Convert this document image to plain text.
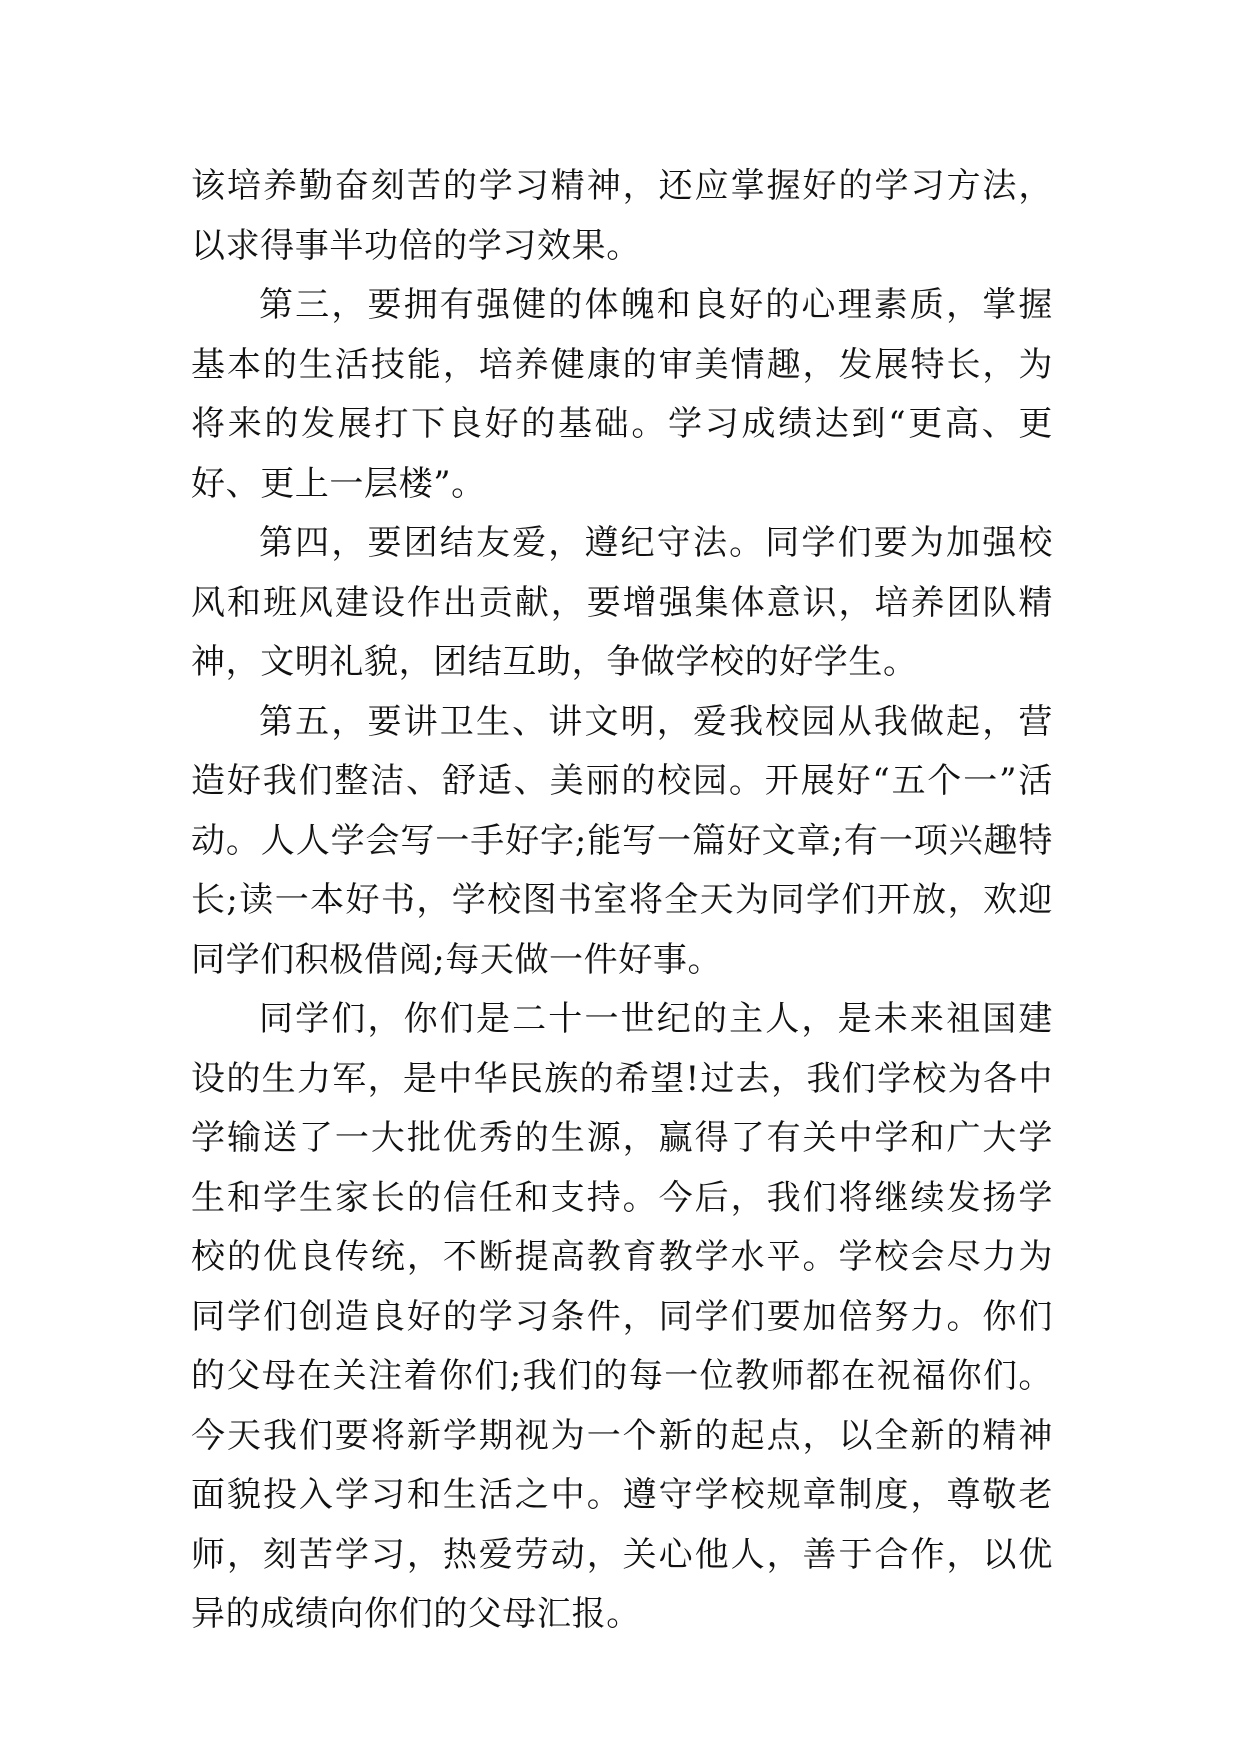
该培养勤奋刻苦的学习精神，还应掌握好的学习方法，以求得事半功倍的学习效果。

第三，要拥有强健的体魄和良好的心理素质，掌握基本的生活技能，培养健康的审美情趣，发展特长，为将来的发展打下良好的基础。学习成绩达到“更高、更好、更上一层楼”。

第四，要团结友爱，遵纪守法。同学们要为加强校风和班风建设作出贡献，要增强集体意识，培养团队精神，文明礼貌，团结互助，争做学校的好学生。

第五，要讲卫生、讲文明，爱我校园从我做起，营造好我们整洁、舒适、美丽的校园。开展好“五个一”活动。人人学会写一手好字;能写一篇好文章;有一项兴趣特长;读一本好书，学校图书室将全天为同学们开放，欢迎同学们积极借阅;每天做一件好事。

同学们，你们是二十一世纪的主人，是未来祖国建设的生力军，是中华民族的希望!过去，我们学校为各中学输送了一大批优秀的生源，赢得了有关中学和广大学生和学生家长的信任和支持。今后，我们将继续发扬学校的优良传统，不断提高教育教学水平。学校会尽力为同学们创造良好的学习条件，同学们要加倍努力。你们的父母在关注着你们;我们的每一位教师都在祝福你们。今天我们要将新学期视为一个新的起点，以全新的精神面貌投入学习和生活之中。遵守学校规章制度，尊敬老师，刻苦学习，热爱劳动，关心他人，善于合作，以优异的成绩向你们的父母汇报。
